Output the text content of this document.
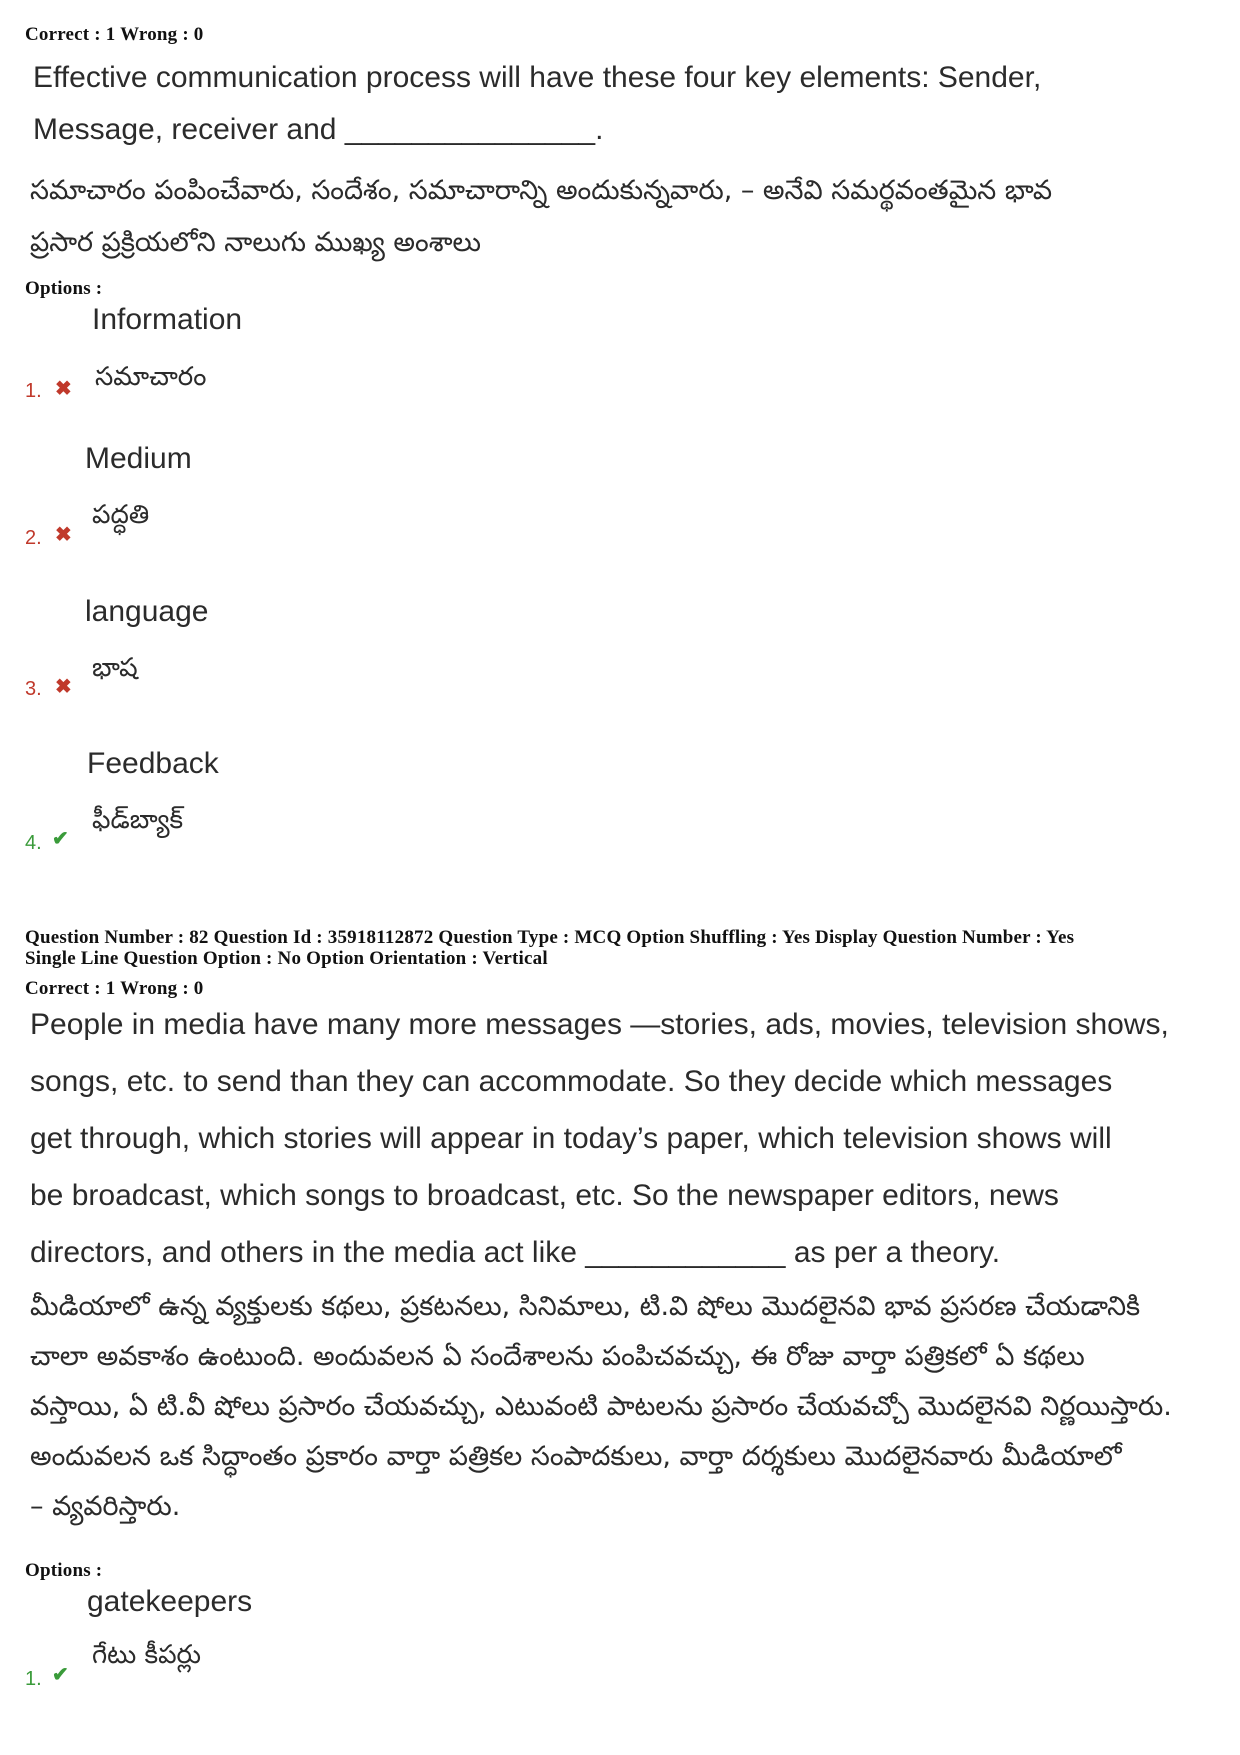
Correct : 1 Wrong : 0
Effective communication process will have these four key elements: Sender,
Message, receiver and _______________.
సమాచారం పంపించేవారు, సందేశం, సమాచారాన్ని అందుకున్నవారు, – అనేవి సమర్థవంతమైన భావ
ప్రసార ప్రక్రియలోని నాలుగు ముఖ్య అంశాలు
Options :
Information
1. ✖ సమాచారం
Medium
2. ✖
పద్ధతి
language
3. ✖
భాష
Feedback
4. ✔
ఫీడ్‌బ్యాక్
Question Number : 82 Question Id : 35918112872 Question Type : MCQ Option Shuffling : Yes Display Question Number : Yes
Single Line Question Option : No Option Orientation : Vertical
Correct : 1 Wrong : 0
People in media have many more messages —stories, ads, movies, television shows,
songs, etc. to send than they can accommodate. So they decide which messages
get through, which stories will appear in today’s paper, which television shows will
be broadcast, which songs to broadcast, etc. So the newspaper editors, news
directors, and others in the media act like ____________ as per a theory.
మీడియాలో ఉన్న వ్యక్తులకు కథలు, ప్రకటనలు, సినిమాలు, టి.వి షోలు మొదలైనవి భావ ప్రసరణ చేయడానికి
చాలా అవకాశం ఉంటుంది. అందువలన ఏ సందేశాలను పంపిచవచ్చు, ఈ రోజు వార్తా పత్రికలో ఏ కథలు
వస్తాయి, ఏ టి.వీ షోలు ప్రసారం చేయవచ్చు, ఎటువంటి పాటలను ప్రసారం చేయవచ్చో మొదలైనవి నిర్ణయిస్తారు.
అందువలన ఒక సిద్ధాంతం ప్రకారం వార్తా పత్రికల సంపాదకులు, వార్తా దర్శకులు మొదలైనవారు మీడియాలో
– వ్యవరిస్తారు.
Options :
gatekeepers
1. ✔
గేటు కీపర్లు
